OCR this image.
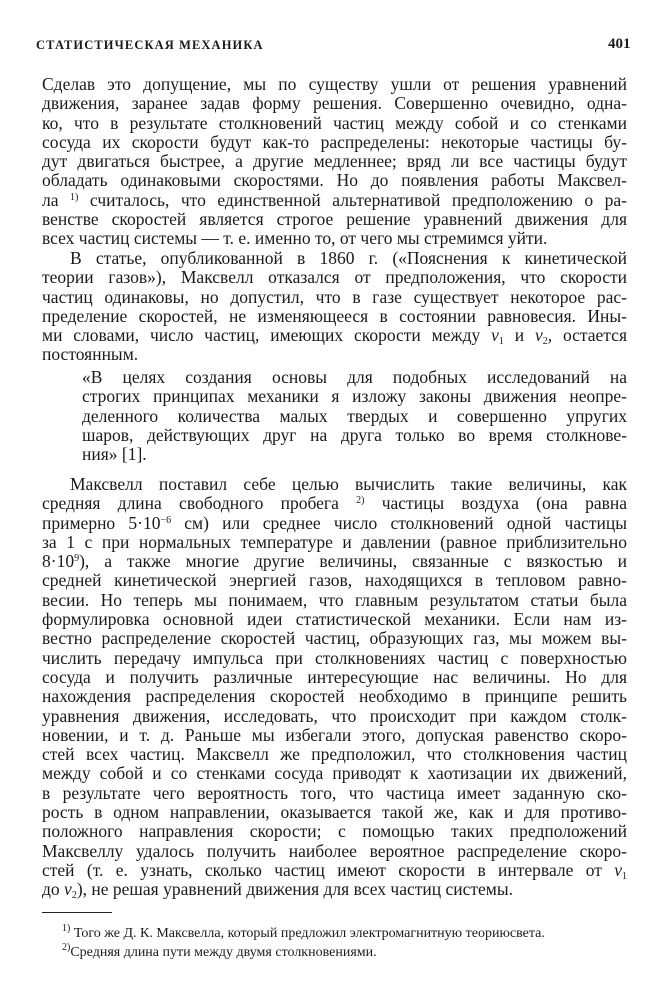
СТАТИСТИЧЕСКАЯ МЕХАНИКА	401
Сделав это допущение, мы по существу ушли от решения уравнений
движения, заранее задав форму решения. Совершенно очевидно, одна-
ко, что в результате столкновений частиц между собой и со стенками
сосуда их скорости будут как-то распределены: некоторые частицы бу-
дут двигаться быстрее, а другие медленнее; вряд ли все частицы будут
обладать одинаковыми скоростями. Но до появления работы Максвел-
ла $^{1)}$ считалось, что единственной альтернативой предположению о ра-
венстве скоростей является строгое решение уравнений движения для
всех частиц системы — т. е. именно то, от чего мы стремимся уйти.
В статье, опубликованной в 1860 г. («Пояснения к кинетической
теории газов»), Максвелл отказался от предположения, что скорости
частиц одинаковы, но допустил, что в газе существует некоторое рас-
пределение скоростей, не изменяющееся в состоянии равновесия. Ины-
ми словами, число частиц, имеющих скорости между $v_1$ и $v_2$, остается
постоянным.
«В целях создания основы для подобных исследований на
строгих принципах механики я изложу законы движения неопре-
деленного количества малых твердых и совершенно упругих
шаров, действующих друг на друга только во время столкнове-
ния» [1].
Максвелл поставил себе целью вычислить такие величины, как
средняя длина свободного пробега $^{2)}$ частицы воздуха (она равна
примерно $5\cdot 10^{-6}$ см) или среднее число столкновений одной частицы
за 1 с при нормальных температуре и давлении (равное приблизительно
$8\cdot 10^9$), а также многие другие величины, связанные с вязкостью и
средней кинетической энергией газов, находящихся в тепловом равно-
весии. Но теперь мы понимаем, что главным результатом статьи была
формулировка основной идеи статистической механики. Если нам из-
вестно распределение скоростей частиц, образующих газ, мы можем вы-
числить передачу импульса при столкновениях частиц с поверхностью
сосуда и получить различные интересующие нас величины. Но для
нахождения распределения скоростей необходимо в принципе решить
уравнения движения, исследовать, что происходит при каждом столк-
новении, и т. д. Раньше мы избегали этого, допуская равенство скоро-
стей всех частиц. Максвелл же предположил, что столкновения частиц
между собой и со стенками сосуда приводят к хаотизации их движений,
в результате чего вероятность того, что частица имеет заданную ско-
рость в одном направлении, оказывается такой же, как и для противо-
положного направления скорости; с помощью таких предположений
Максвеллу удалось получить наиболее вероятное распределение скоро-
стей (т. е. узнать, сколько частиц имеют скорости в интервале от $v_1$
до $v_2$), не решая уравнений движения для всех частиц системы.
$^{1)}$ Того же Д. К. Максвелла, который предложил электромагнитную теориюсвета.
$^{2)}$Средняя длина пути между двумя столкновениями.
